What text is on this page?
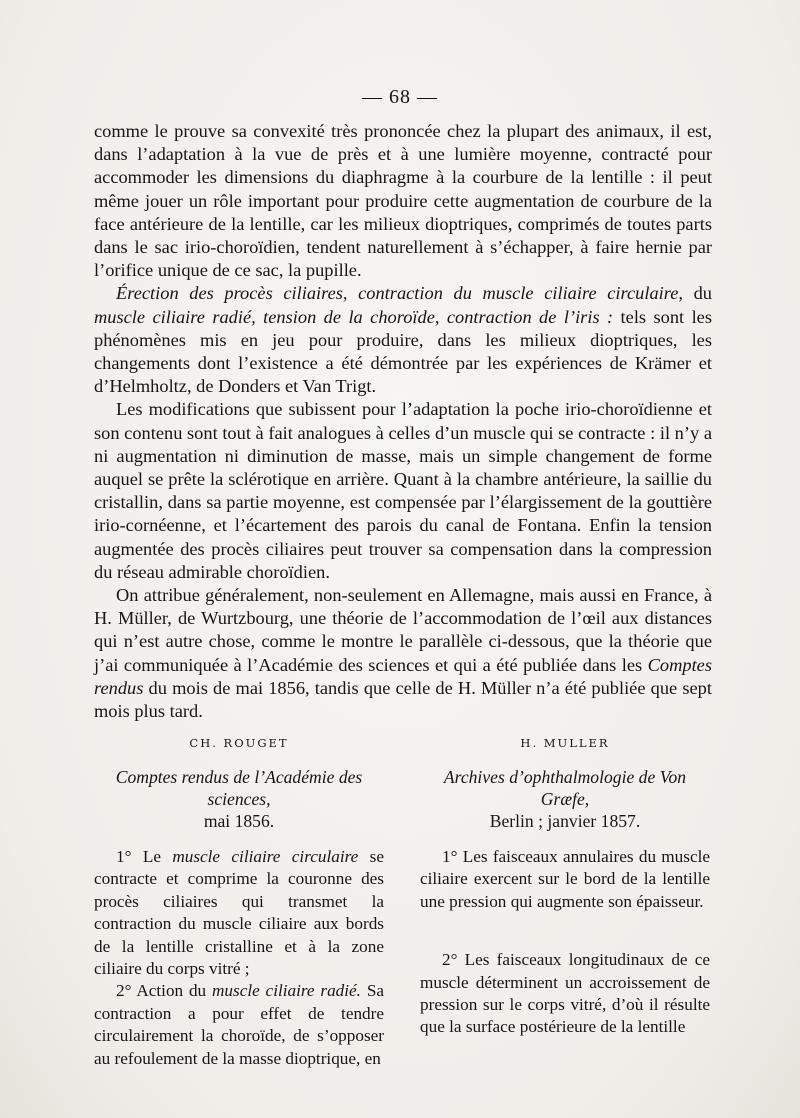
— 68 —

comme le prouve sa convexité très prononcée chez la plupart des animaux, il est, dans l’adaptation à la vue de près et à une lumière moyenne, contracté pour accommoder les dimensions du diaphragme à la courbure de la lentille : il peut même jouer un rôle important pour produire cette augmentation de courbure de la face antérieure de la lentille, car les milieux dioptriques, comprimés de toutes parts dans le sac irio-choroïdien, tendent naturellement à s’échapper, à faire hernie par l’orifice unique de ce sac, la pupille.

Érection des procès ciliaires, contraction du muscle ciliaire circulaire, du muscle ciliaire radié, tension de la choroïde, contraction de l’iris : tels sont les phénomènes mis en jeu pour produire, dans les milieux dioptriques, les changements dont l’existence a été démontrée par les expériences de Krämer et d’Helmholtz, de Donders et Van Trigt.

Les modifications que subissent pour l’adaptation la poche irio-choroïdienne et son contenu sont tout à fait analogues à celles d’un muscle qui se contracte : il n’y a ni augmentation ni diminution de masse, mais un simple changement de forme auquel se prête la sclérotique en arrière. Quant à la chambre antérieure, la saillie du cristallin, dans sa partie moyenne, est compensée par l’élargissement de la gouttière irio-cornéenne, et l’écartement des parois du canal de Fontana. Enfin la tension augmentée des procès ciliaires peut trouver sa compensation dans la compression du réseau admirable choroïdien.

On attribue généralement, non-seulement en Allemagne, mais aussi en France, à H. Müller, de Wurtzbourg, une théorie de l’accommodation de l’œil aux distances qui n’est autre chose, comme le montre le parallèle ci-dessous, que la théorie que j’ai communiquée à l’Académie des sciences et qui a été publiée dans les Comptes rendus du mois de mai 1856, tandis que celle de H. Müller n’a été publiée que sept mois plus tard.

CH. ROUGET

Comptes rendus de l’Académie des sciences,
mai 1856.

1° Le muscle ciliaire circulaire se contracte et comprime la couronne des procès ciliaires qui transmet la contraction du muscle ciliaire aux bords de la lentille cristalline et à la zone ciliaire du corps vitré ;

2° Action du muscle ciliaire radié. Sa contraction a pour effet de tendre circulairement la choroïde, de s’opposer au refoulement de la masse dioptrique, en

H. MULLER

Archives d’ophthalmologie de Von Græfe,
Berlin ; janvier 1857.

1° Les faisceaux annulaires du muscle ciliaire exercent sur le bord de la lentille une pression qui augmente son épaisseur.

2° Les faisceaux longitudinaux de ce muscle déterminent un accroissement de pression sur le corps vitré, d’où il résulte que la surface postérieure de la lentille
